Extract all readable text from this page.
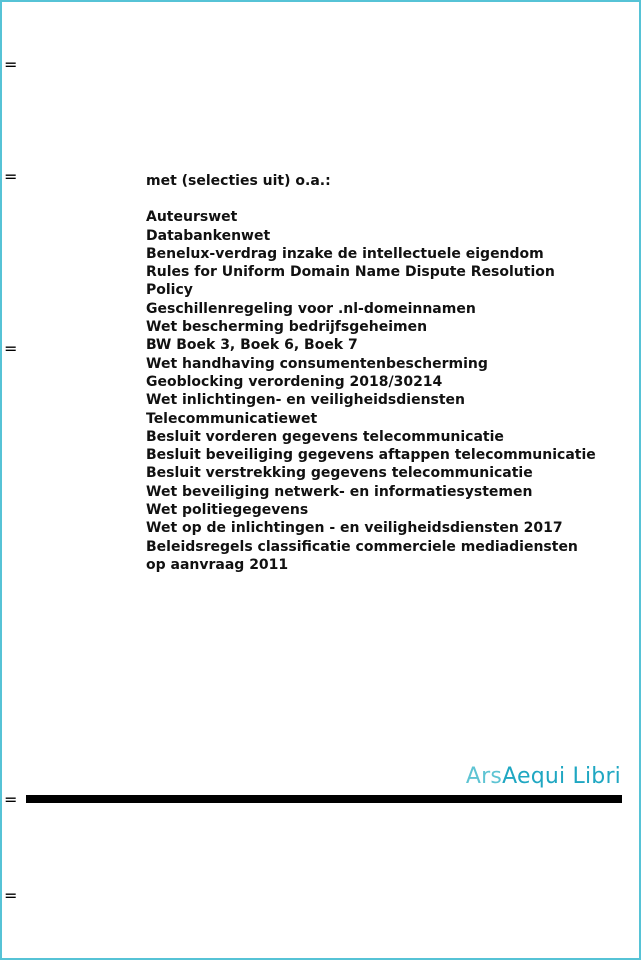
=
=
=
=
=
met (selecties uit) o.a.:
Auteurswet
Databankenwet
Benelux-verdrag inzake de intellectuele eigendom
Rules for Uniform Domain Name Dispute Resolution
Policy
Geschillenregeling voor .nl-domeinnamen
Wet bescherming bedrijfsgeheimen
BW Boek 3, Boek 6, Boek 7
Wet handhaving consumentenbescherming
Geoblocking verordening 2018/30214
Wet inlichtingen- en veiligheidsdiensten
Telecommunicatiewet
Besluit vorderen gegevens telecommunicatie
Besluit beveiliging gegevens aftappen telecommunicatie
Besluit verstrekking gegevens telecommunicatie
Wet beveiliging netwerk- en informatiesystemen
Wet politiegegevens
Wet op de inlichtingen - en veiligheidsdiensten 2017
Beleidsregels classificatie commerciele mediadiensten
op aanvraag 2011
ArsAequi Libri
